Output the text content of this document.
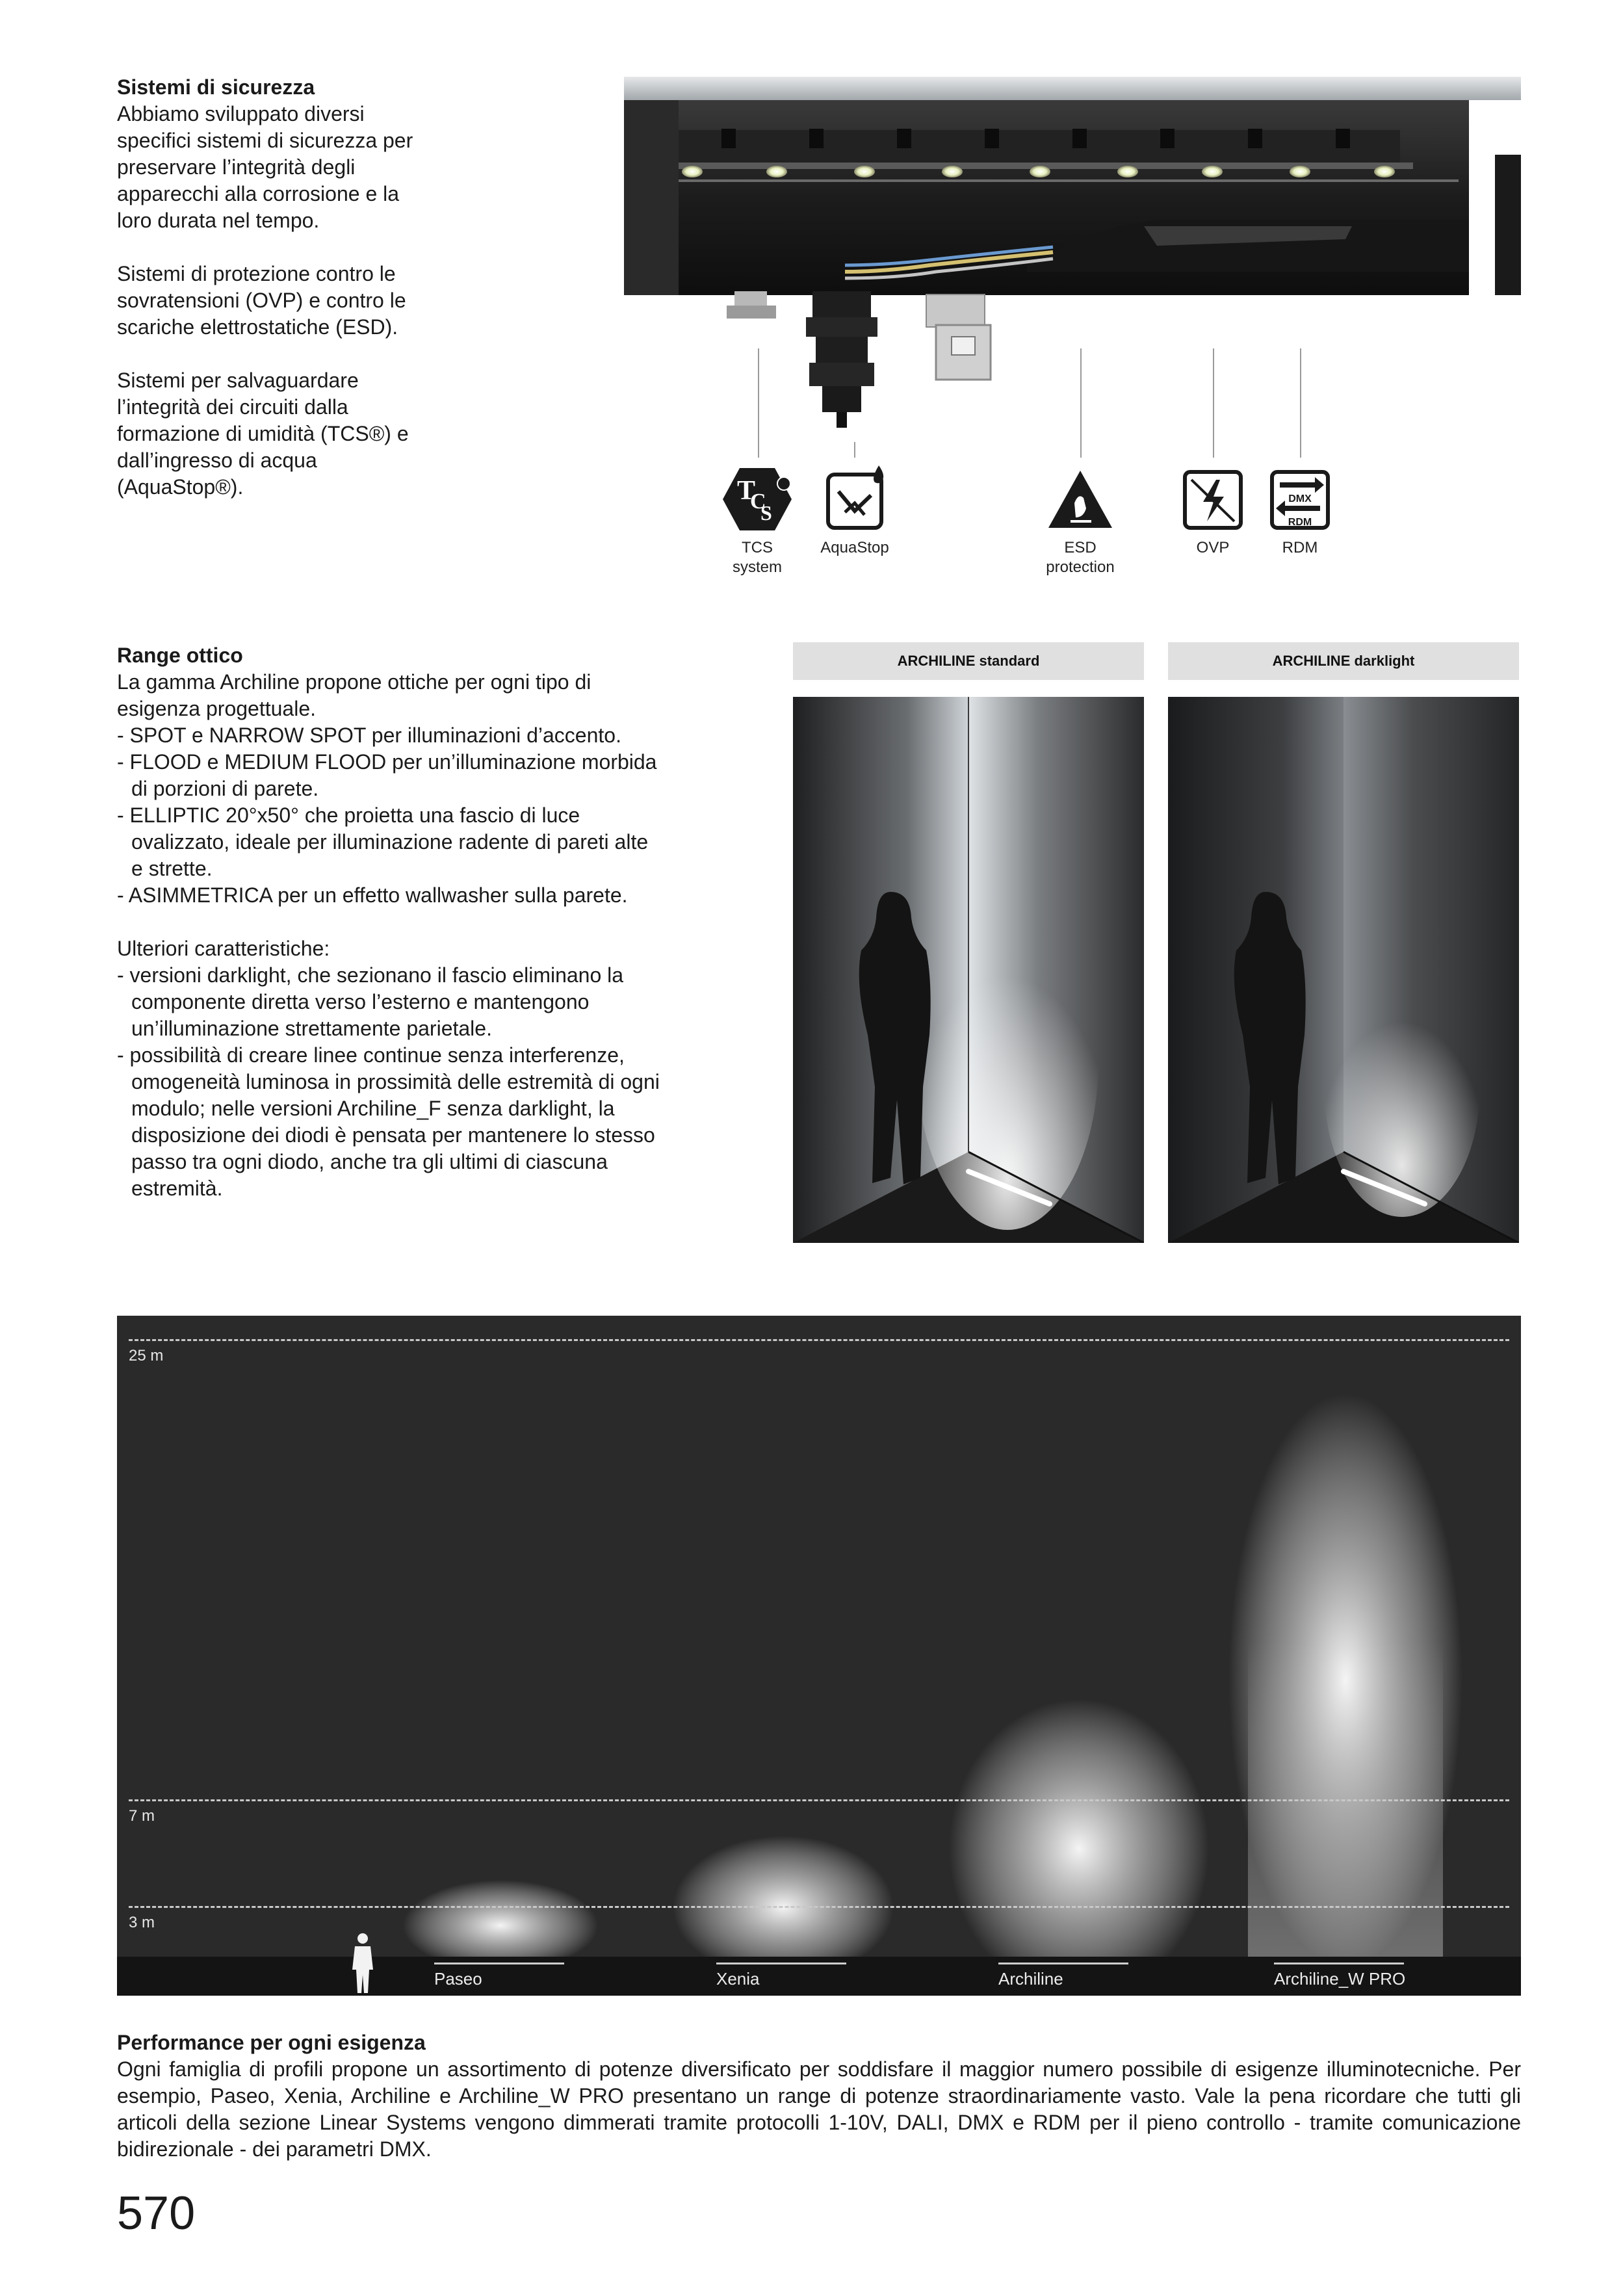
Sistemi di sicurezza

Abbiamo sviluppato diversi specifici sistemi di sicurezza per preservare l’integrità degli apparecchi alla corrosione e la loro durata nel tempo.

Sistemi di protezione contro le sovratensioni (OVP) e contro le scariche elettrostatiche (ESD).

Sistemi per salvaguardare l’integrità dei circuiti dalla formazione di umidità (TCS®) e dall’ingresso di acqua (AquaStop®).	T
C
S
TCS
system
AquaStop	ESD
protection
OVP
DMX
RDM
RDM
Range ottico
La gamma Archiline propone ottiche per ogni tipo di esigenza progettuale.
- SPOT e NARROW SPOT per illuminazioni d’accento.
- FLOOD e MEDIUM FLOOD per un’illuminazione morbida di porzioni di parete.
- ELLIPTIC 20°x50° che proietta una fascio di luce ovalizzato, ideale per illuminazione radente di pareti alte e strette.
- ASIMMETRICA per un effetto wallwasher sulla parete.
Ulteriori caratteristiche:
- versioni darklight, che sezionano il fascio eliminano la componente diretta verso l’esterno e mantengono un’illuminazione strettamente parietale.
- possibilità di creare linee continue senza interferenze, omogeneità luminosa in prossimità delle estremità di ogni modulo; nelle versioni Archiline_F senza darklight, la disposizione dei diodi è pensata per mantenere lo stesso passo tra ogni diodo, anche tra gli ultimi di ciascuna estremità.
ARCHILINE standard	ARCHILINE darklight
25 m
7 m
3 m
Paseo	Xenia	Archiline	Archiline_W PRO
Performance per ogni esigenza
Ogni famiglia di profili propone un assortimento di potenze diversificato per soddisfare il maggior numero possibile di esigenze illuminotecniche. Per esempio, Paseo, Xenia, Archiline e Archiline_W PRO presentano un range di potenze straordinariamente vasto. Vale la pena ricordare che tutti gli articoli della sezione Linear Systems vengono dimmerati tramite protocolli 1-10V, DALI, DMX e RDM per il pieno controllo - tramite comunicazione bidirezionale - dei parametri DMX.
570
